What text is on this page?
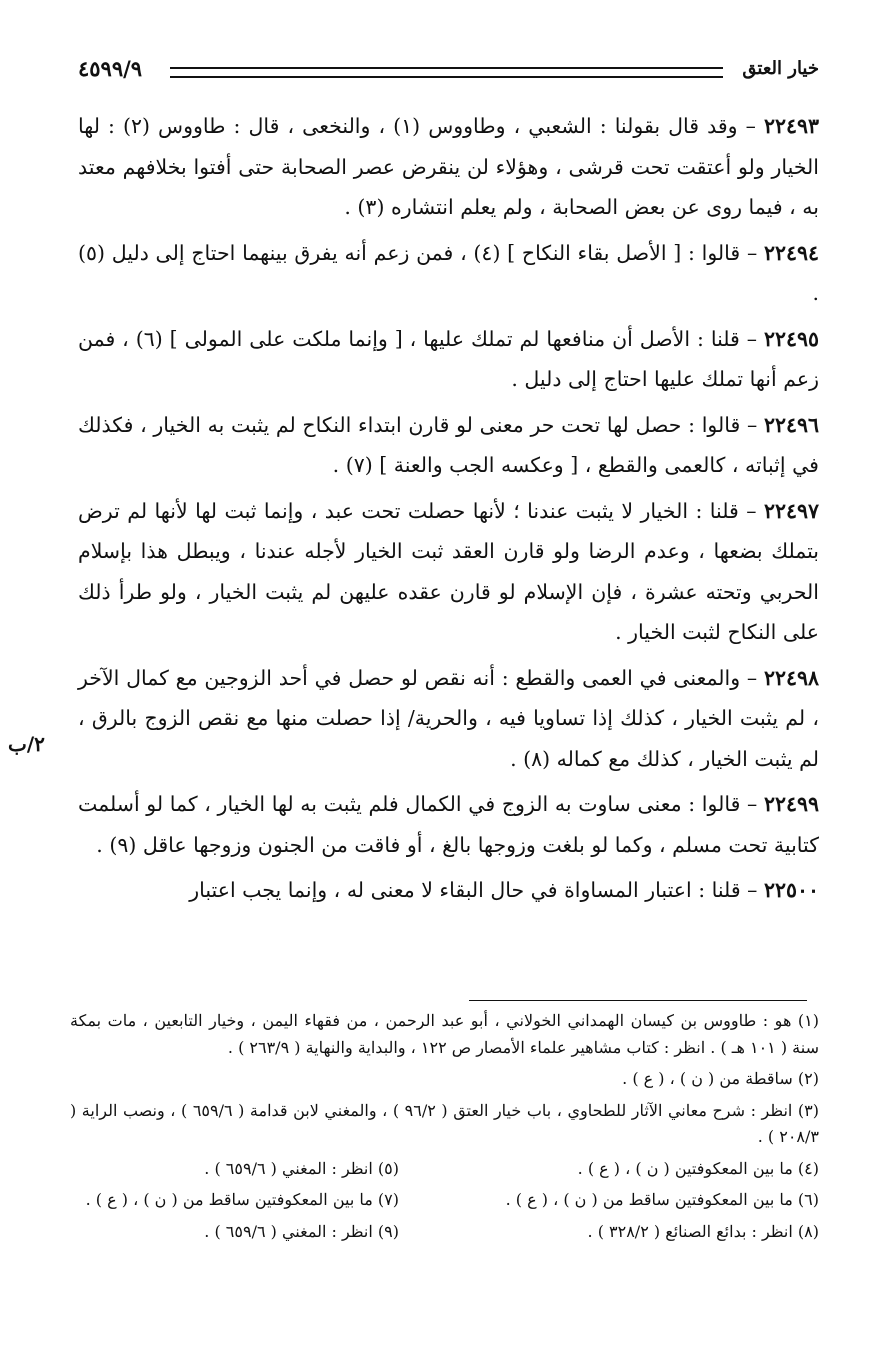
خيار العتق
٤٥٩٩/٩
٢/ب

٢٢٤٩٣ – وقد قال بقولنا : الشعبي ، وطاووس (١) ، والنخعى ، قال : طاووس (٢) : لها الخيار ولو أعتقت تحت قرشى ، وهؤلاء لن ينقرض عصر الصحابة حتى أفتوا بخلافهم معتد به ، فيما روى عن بعض الصحابة ، ولم يعلم انتشاره (٣) .

٢٢٤٩٤ – قالوا : [ الأصل بقاء النكاح ] (٤) ، فمن زعم أنه يفرق بينهما احتاج إلى دليل (٥) .

٢٢٤٩٥ – قلنا : الأصل أن منافعها لم تملك عليها ، [ وإنما ملكت على المولى ] (٦) ، فمن زعم أنها تملك عليها احتاج إلى دليل .

٢٢٤٩٦ – قالوا : حصل لها تحت حر معنى لو قارن ابتداء النكاح لم يثبت به الخيار ، فكذلك في إثباته ، كالعمى والقطع ، [ وعكسه الجب والعنة ] (٧) .

٢٢٤٩٧ – قلنا : الخيار لا يثبت عندنا ؛ لأنها حصلت تحت عبد ، وإنما ثبت لها لأنها لم ترض بتملك بضعها ، وعدم الرضا ولو قارن العقد ثبت الخيار لأجله عندنا ، ويبطل هذا بإسلام الحربي وتحته عشرة ، فإن الإسلام لو قارن عقده عليهن لم يثبت الخيار ، ولو طرأ ذلك على النكاح لثبت الخيار .

٢٢٤٩٨ – والمعنى في العمى والقطع : أنه نقص لو حصل في أحد الزوجين مع كمال الآخر ، لم يثبت الخيار ، كذلك إذا تساويا فيه ، والحرية/ إذا حصلت منها مع نقص الزوج بالرق ، لم يثبت الخيار ، كذلك مع كماله (٨) .

٢٢٤٩٩ – قالوا : معنى ساوت به الزوج في الكمال فلم يثبت به لها الخيار ، كما لو أسلمت كتابية تحت مسلم ، وكما لو بلغت وزوجها بالغ ، أو فاقت من الجنون وزوجها عاقل (٩) .

٢٢٥٠٠ – قلنا : اعتبار المساواة في حال البقاء لا معنى له ، وإنما يجب اعتبار

(١) هو : طاووس بن كيسان الهمداني الخولاني ، أبو عبد الرحمن ، من فقهاء اليمن ، وخيار التابعين ، مات بمكة سنة ( ١٠١ هـ ) . انظر : كتاب مشاهير علماء الأمصار ص ١٢٢ ، والبداية والنهاية ( ٢٦٣/٩ ) .

(٢) ساقطة من ( ن ) ، ( ع ) .

(٣) انظر : شرح معاني الآثار للطحاوي ، باب خيار العتق ( ٩٦/٢ ) ، والمغني لابن قدامة ( ٦٥٩/٦ ) ، ونصب الراية ( ٢٠٨/٣ ) .

(٤) ما بين المعكوفتين ( ن ) ، ( ع ) .
(٥) انظر : المغني ( ٦٥٩/٦ ) .
(٦) ما بين المعكوفتين ساقط من ( ن ) ، ( ع ) .
(٧) ما بين المعكوفتين ساقط من ( ن ) ، ( ع ) .
(٨) انظر : بدائع الصنائع ( ٣٢٨/٢ ) .
(٩) انظر : المغني ( ٦٥٩/٦ ) .
